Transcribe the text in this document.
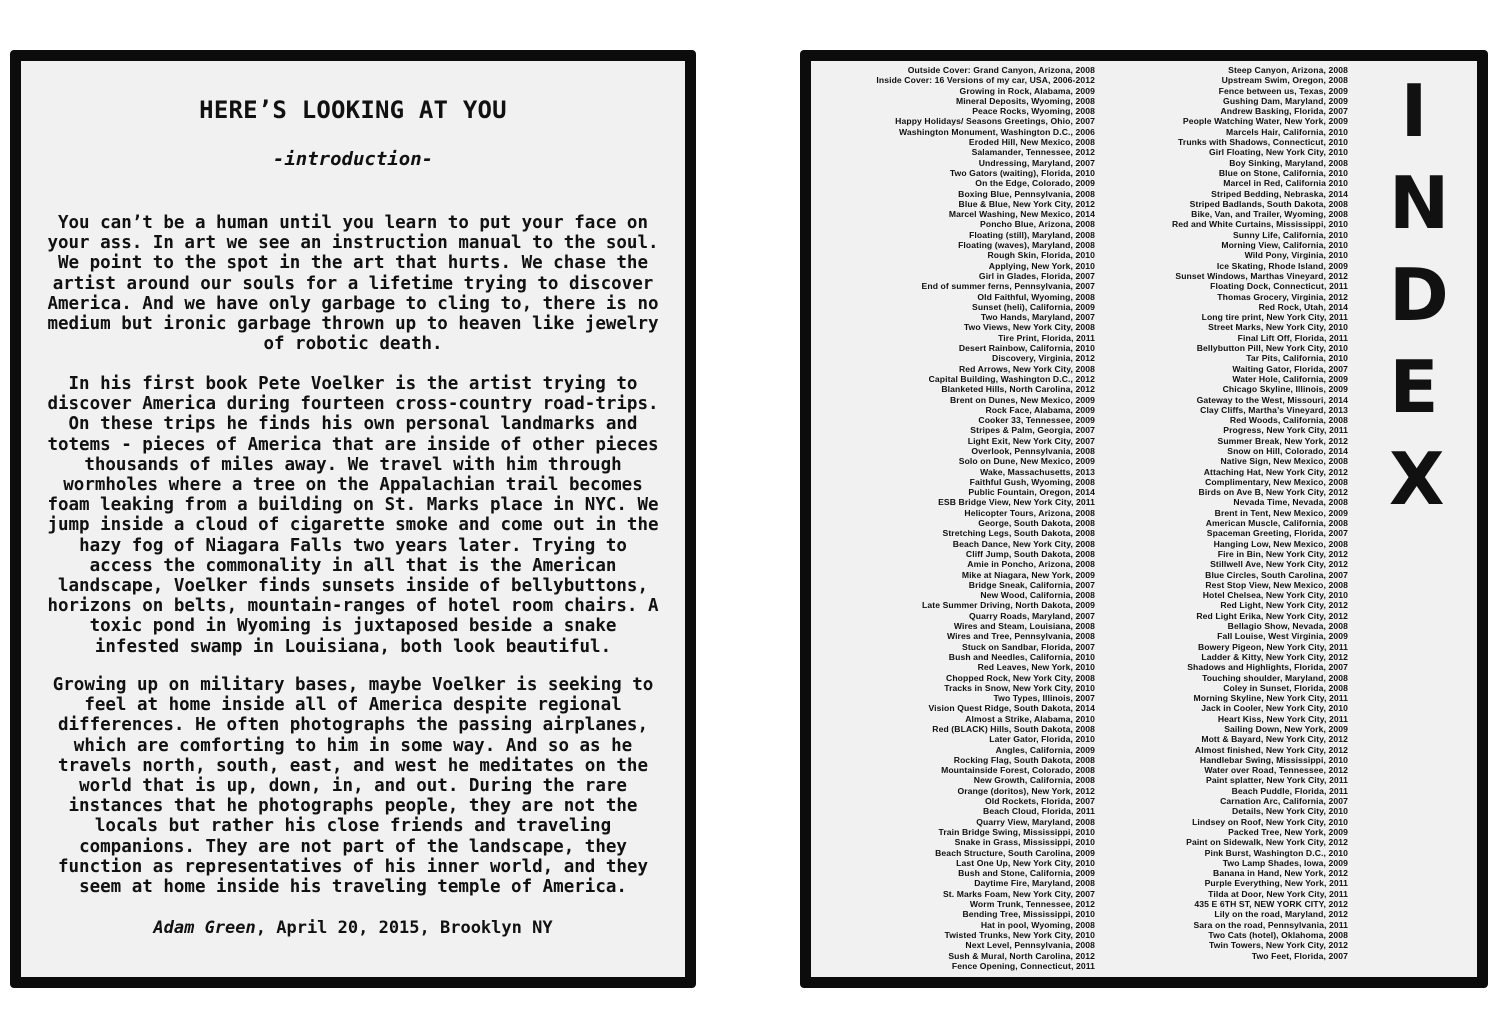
HERE’S LOOKING AT YOU
-introduction-

You can’t be a human until you learn to put your face on your ass. In art we see an instruction manual to the soul. We point to the spot in the art that hurts. We chase the artist around our souls for a lifetime trying to discover America. And we have only garbage to cling to, there is no medium but ironic garbage thrown up to heaven like jewelry of robotic death.

In his first book Pete Voelker is the artist trying to discover America during fourteen cross-country road-trips. On these trips he finds his own personal landmarks and totems - pieces of America that are inside of other pieces thousands of miles away. We travel with him through wormholes where a tree on the Appalachian trail becomes foam leaking from a building on St. Marks place in NYC. We jump inside a cloud of cigarette smoke and come out in the hazy fog of Niagara Falls two years later. Trying to access the commonality in all that is the American landscape, Voelker finds sunsets inside of bellybuttons, horizons on belts, mountain-ranges of hotel room chairs. A toxic pond in Wyoming is juxtaposed beside a snake infested swamp in Louisiana, both look beautiful.

Growing up on military bases, maybe Voelker is seeking to feel at home inside all of America despite regional differences. He often photographs the passing airplanes, which are comforting to him in some way. And so as he travels north, south, east, and west he meditates on the world that is up, down, in, and out. During the rare instances that he photographs people, they are not the locals but rather his close friends and traveling companions. They are not part of the landscape, they function as representatives of his inner world, and they seem at home inside his traveling temple of America.

Adam Green, April 20, 2015, Brooklyn NY
Outside Cover: Grand Canyon, Arizona, 2008
Inside Cover: 16 Versions of my car, USA, 2006-2012
Growing in Rock, Alabama, 2009
Mineral Deposits, Wyoming, 2008
Peace Rocks, Wyoming, 2008
Happy Holidays/ Seasons Greetings, Ohio, 2007
Washington Monument, Washington D.C., 2006
Eroded Hill, New Mexico, 2008
Salamander, Tennessee, 2012
Undressing, Maryland, 2007
Two Gators (waiting), Florida, 2010
On the Edge, Colorado, 2009
Boxing Blue, Pennsylvania, 2008
Blue & Blue, New York City, 2012
Marcel Washing, New Mexico, 2014
Poncho Blue, Arizona, 2008
Floating (still), Maryland, 2008
Floating (waves), Maryland, 2008
Rough Skin, Florida, 2010
Applying, New York, 2010
Girl in Glades, Florida, 2007
End of summer ferns, Pennsylvania, 2007
Old Faithful, Wyoming, 2008
Sunset (heli), California, 2009
Two Hands, Maryland, 2007
Two Views, New York City, 2008
Tire Print, Florida, 2011
Desert Rainbow, California, 2010
Discovery, Virginia, 2012
Red Arrows, New York City, 2008
Capital Building, Washington D.C., 2012
Blanketed Hills, North Carolina, 2012
Brent on Dunes, New Mexico, 2009
Rock Face, Alabama, 2009
Cooker 33, Tennessee, 2009
Stripes & Palm, Georgia, 2007
Light Exit, New York City, 2007
Overlook, Pennsylvania, 2008
Solo on Dune, New Mexico, 2009
Wake, Massachusetts, 2013
Faithful Gush, Wyoming, 2008
Public Fountain, Oregon, 2014
ESB Bridge View, New York City, 2011
Helicopter Tours, Arizona, 2008
George, South Dakota, 2008
Stretching Legs, South Dakota, 2008
Beach Dance, New York City, 2008
Cliff Jump, South Dakota, 2008
Amie in Poncho, Arizona, 2008
Mike at Niagara, New York, 2009
Bridge Sneak, California, 2007
New Wood, California, 2008
Late Summer Driving, North Dakota, 2009
Quarry Roads, Maryland, 2007
Wires and Steam, Louisiana, 2008
Wires and Tree, Pennsylvania, 2008
Stuck on Sandbar, Florida, 2007
Bush and Needles, California, 2010
Red Leaves, New York, 2010
Chopped Rock, New York City, 2008
Tracks in Snow, New York City, 2010
Two Types, Illinois, 2007
Vision Quest Ridge, South Dakota, 2014
Almost a Strike, Alabama, 2010
Red (BLACK) Hills, South Dakota, 2008
Later Gator, Florida, 2010
Angles, California, 2009
Rocking Flag, South Dakota, 2008
Mountainside Forest, Colorado, 2008
New Growth, California, 2008
Orange (doritos), New York, 2012
Old Rockets, Florida, 2007
Beach Cloud, Florida, 2011
Quarry View, Maryland, 2008
Train Bridge Swing, Mississippi, 2010
Snake in Grass, Mississippi, 2010
Beach Structure, South Carolina, 2009
Last One Up, New York City, 2010
Bush and Stone, California, 2009
Daytime Fire, Maryland, 2008
St. Marks Foam, New York City, 2007
Worm Trunk, Tennessee, 2012
Bending Tree, Mississippi, 2010
Hat in pool, Wyoming, 2008
Twisted Trunks, New York City, 2010
Next Level, Pennsylvania, 2008
Sush & Mural, North Carolina, 2012
Fence Opening, Connecticut, 2011
Steep Canyon, Arizona, 2008
Upstream Swim, Oregon, 2008
Fence between us, Texas, 2009
Gushing Dam, Maryland, 2009
Andrew Basking, Florida, 2007
People Watching Water, New York, 2009
Marcels Hair, California, 2010
Trunks with Shadows, Connecticut, 2010
Girl Floating, New York City, 2010
Boy Sinking, Maryland, 2008
Blue on Stone, California, 2010
Marcel in Red, California 2010
Striped Bedding, Nebraska, 2014
Striped Badlands, South Dakota, 2008
Bike, Van, and Trailer, Wyoming, 2008
Red and White Curtains, Mississippi, 2010
Sunny Life, California, 2010
Morning View, California, 2010
Wild Pony, Virginia, 2010
Ice Skating, Rhode Island, 2009
Sunset Windows, Marthas Vineyard, 2012
Floating Dock, Connecticut, 2011
Thomas Grocery, Virginia, 2012
Red Rock, Utah, 2014
Long tire print, New York City, 2011
Street Marks, New York City, 2010
Final Lift Off, Florida, 2011
Bellybutton Pill, New York City, 2010
Tar Pits, California, 2010
Waiting Gator, Florida, 2007
Water Hole, California, 2009
Chicago Skyline, Illinois, 2009
Gateway to the West, Missouri, 2014
Clay Cliffs, Martha’s Vineyard, 2013
Red Woods, California, 2008
Progress, New York City, 2011
Summer Break, New York, 2012
Snow on Hill, Colorado, 2014
Native Sign, New Mexico, 2008
Attaching Hat, New York City, 2012
Complimentary, New Mexico, 2008
Birds on Ave B, New York City, 2012
Nevada Time, Nevada, 2008
Brent in Tent, New Mexico, 2009
American Muscle, California, 2008
Spaceman Greeting, Florida, 2007
Hanging Low, New Mexico, 2008
Fire in Bin, New York City, 2012
Stillwell Ave, New York City, 2012
Blue Circles, South Carolina, 2007
Rest Stop View, New Mexico, 2008
Hotel Chelsea, New York City, 2010
Red Light, New York City, 2012
Red Light Erika, New York City, 2012
Bellagio Show, Nevada, 2008
Fall Louise, West Virginia, 2009
Bowery Pigeon, New York City, 2011
Ladder & Kitty, New York City, 2012
Shadows and Highlights, Florida, 2007
Touching shoulder, Maryland, 2008
Coley in Sunset, Florida, 2008
Morning Skyline, New York City, 2011
Jack in Cooler, New York City, 2010
Heart Kiss, New York City, 2011
Sailing Down, New York, 2009
Mott & Bayard, New York City, 2012
Almost finished, New York City, 2012
Handlebar Swing, Mississippi, 2010
Water over Road, Tennessee, 2012
Paint splatter, New York City, 2011
Beach Puddle, Florida, 2011
Carnation Arc, California, 2007
Details, New York City, 2010
Lindsey on Roof, New York City, 2010
Packed Tree, New York, 2009
Paint on Sidewalk, New York City, 2012
Pink Burst, Washington D.C., 2010
Two Lamp Shades, Iowa, 2009
Banana in Hand, New York, 2012
Purple Everything, New York, 2011
Tilda at Door, New York City, 2011
435 E 6TH ST, NEW YORK CITY, 2012
Lily on the road, Maryland, 2012
Sara on the road, Pennsylvania, 2011
Two Cats (hotel), Oklahoma, 2008
Twin Towers, New York City, 2012
Two Feet, Florida, 2007
I
N
D
E
X
